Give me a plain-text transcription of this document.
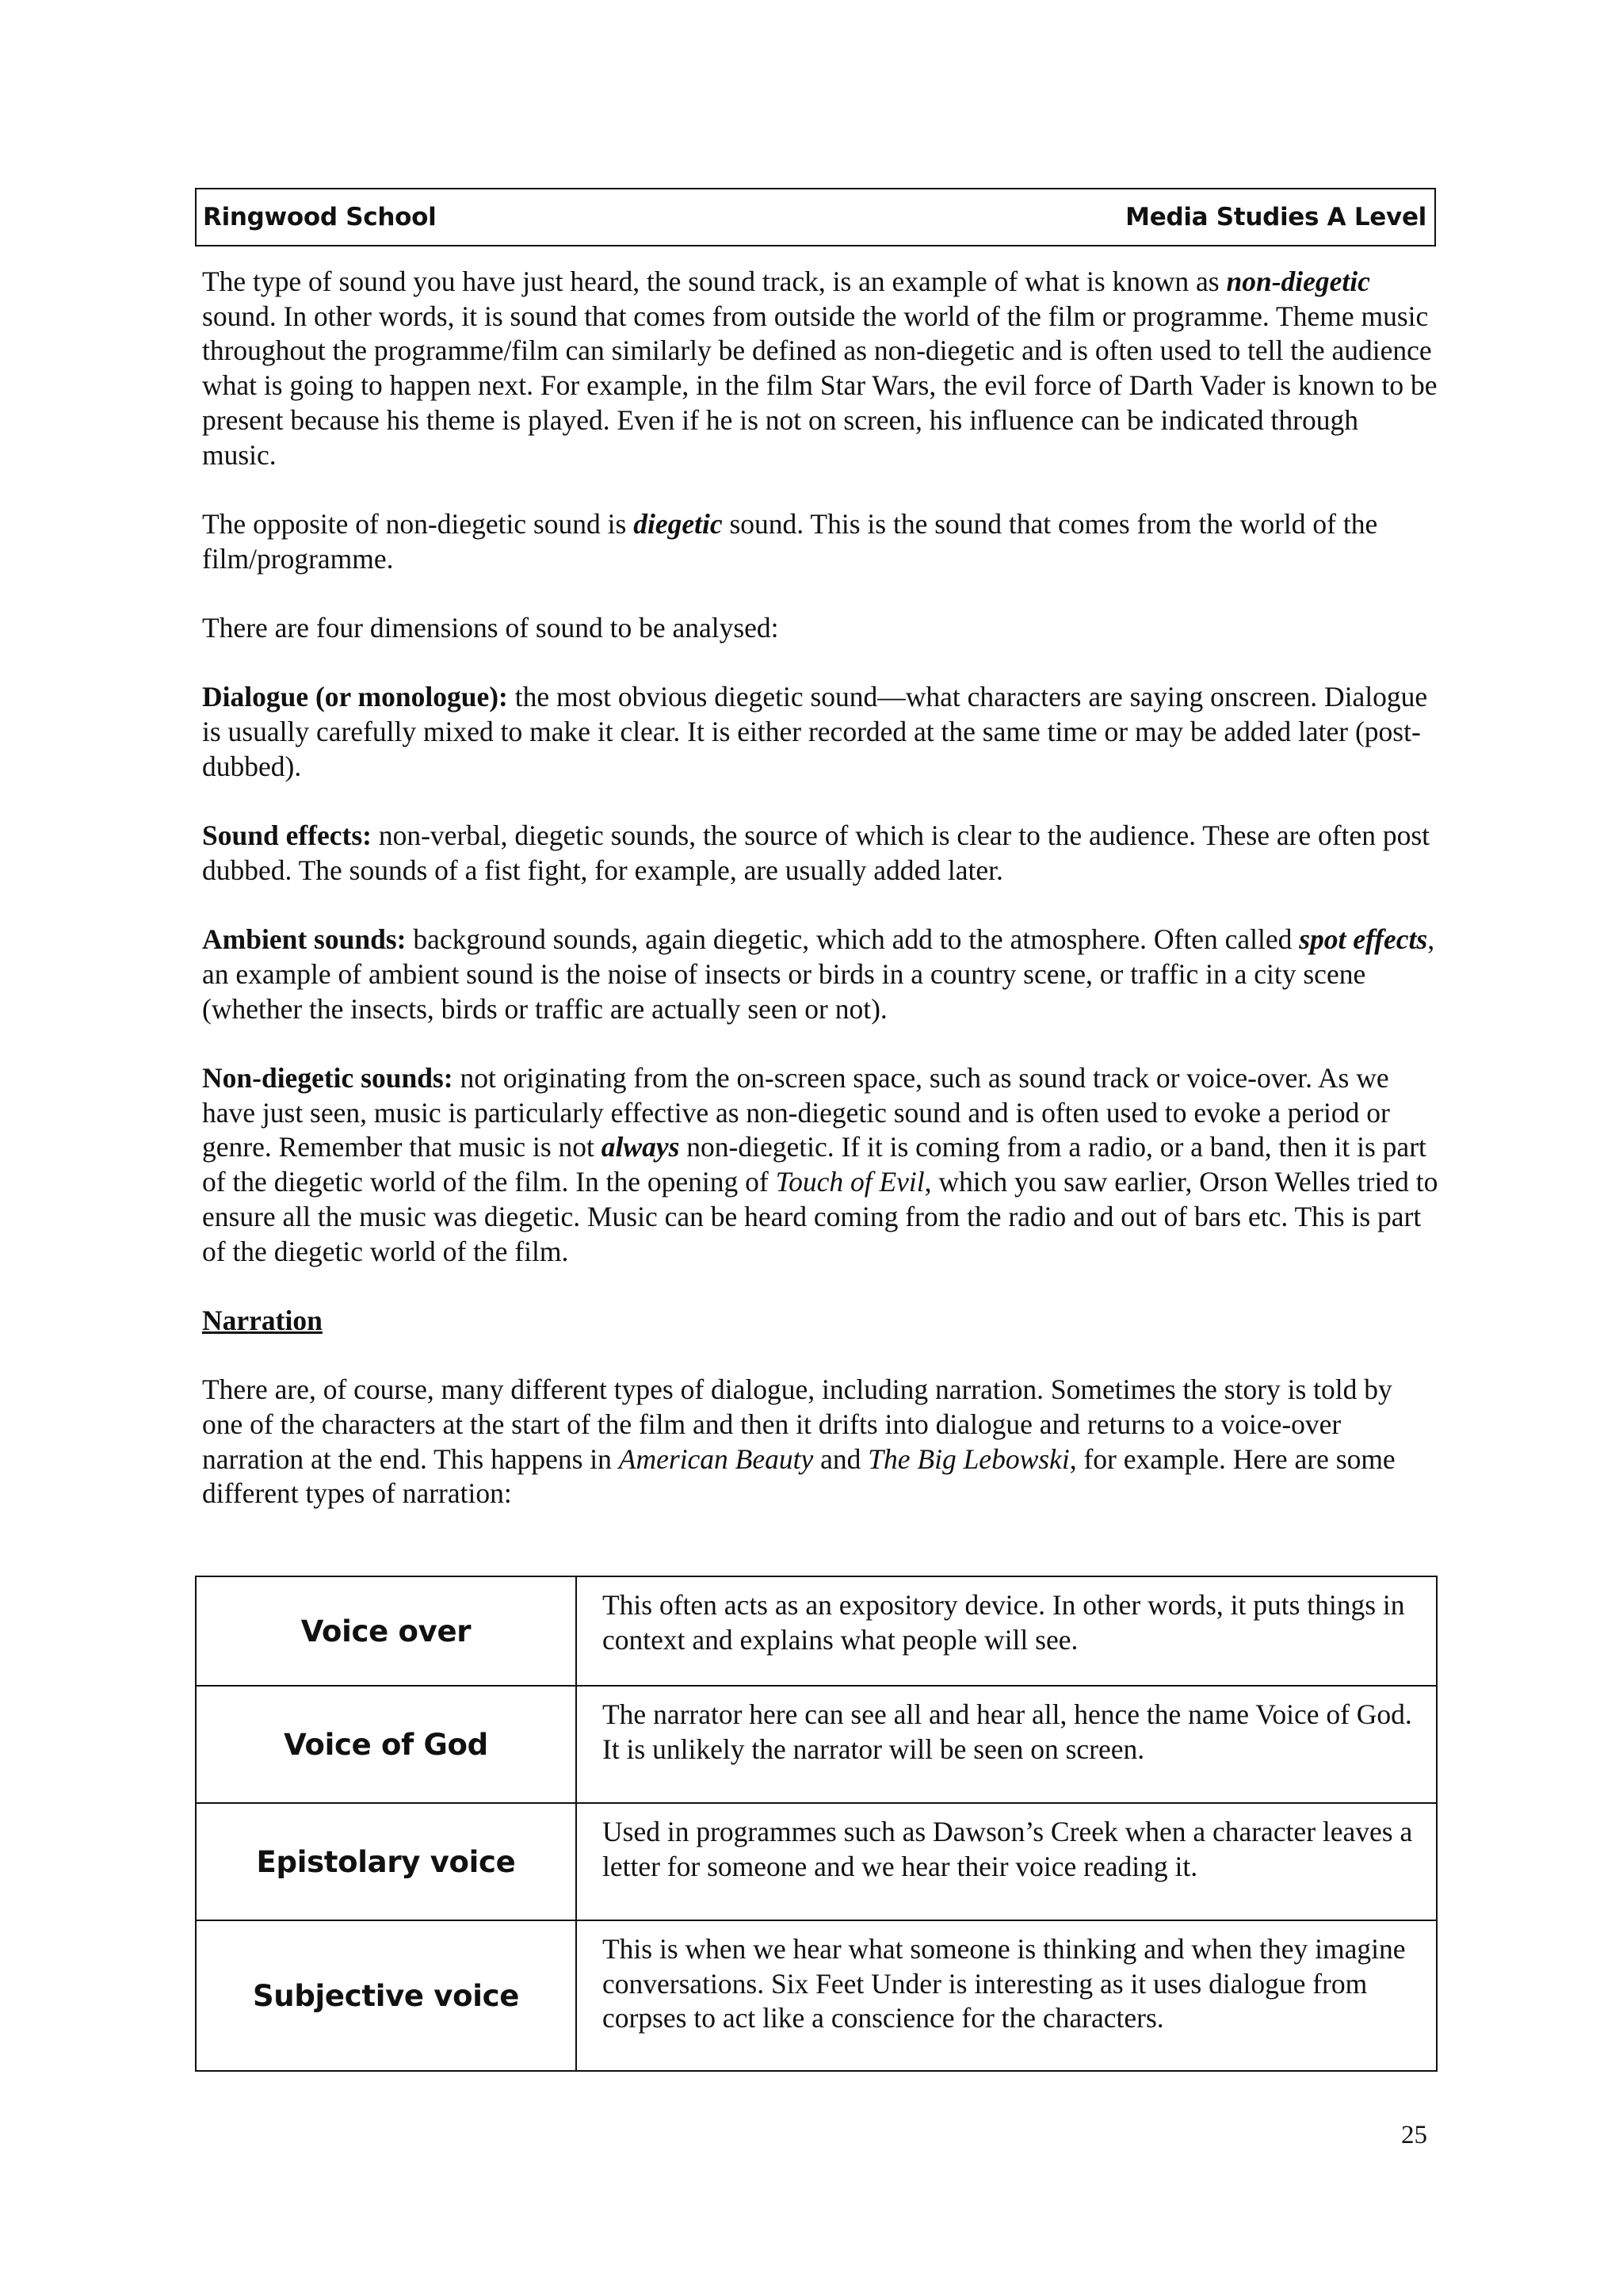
Ringwood School	Media Studies A Level

The type of sound you have just heard, the sound track, is an example of what is known as non-diegetic sound. In other words, it is sound that comes from outside the world of the film or programme. Theme music throughout the programme/film can similarly be defined as non-diegetic and is often used to tell the audience what is going to happen next. For example, in the film Star Wars, the evil force of Darth Vader is known to be present because his theme is played. Even if he is not on screen, his influence can be indicated through music.

The opposite of non-diegetic sound is diegetic sound. This is the sound that comes from the world of the film/programme.

There are four dimensions of sound to be analysed:

Dialogue (or monologue): the most obvious diegetic sound—what characters are saying onscreen. Dialogue is usually carefully mixed to make it clear. It is either recorded at the same time or may be added later (post-dubbed).

Sound effects: non-verbal, diegetic sounds, the source of which is clear to the audience. These are often post dubbed. The sounds of a fist fight, for example, are usually added later.

Ambient sounds: background sounds, again diegetic, which add to the atmosphere. Often called spot effects, an example of ambient sound is the noise of insects or birds in a country scene, or traffic in a city scene (whether the insects, birds or traffic are actually seen or not).

Non-diegetic sounds: not originating from the on-screen space, such as sound track or voice-over. As we have just seen, music is particularly effective as non-diegetic sound and is often used to evoke a period or genre. Remember that music is not always non-diegetic. If it is coming from a radio, or a band, then it is part of the diegetic world of the film. In the opening of Touch of Evil, which you saw earlier, Orson Welles tried to ensure all the music was diegetic. Music can be heard coming from the radio and out of bars etc. This is part of the diegetic world of the film.

Narration

There are, of course, many different types of dialogue, including narration. Sometimes the story is told by one of the characters at the start of the film and then it drifts into dialogue and returns to a voice-over narration at the end. This happens in American Beauty and The Big Lebowski, for example. Here are some different types of narration:

Voice over	This often acts as an expository device. In other words, it puts things in context and explains what people will see.
Voice of God	The narrator here can see all and hear all, hence the name Voice of God. It is unlikely the narrator will be seen on screen.
Epistolary voice	Used in programmes such as Dawson’s Creek when a character leaves a letter for someone and we hear their voice reading it.
Subjective voice	This is when we hear what someone is thinking and when they imagine conversations. Six Feet Under is interesting as it uses dialogue from corpses to act like a conscience for the characters.
25
